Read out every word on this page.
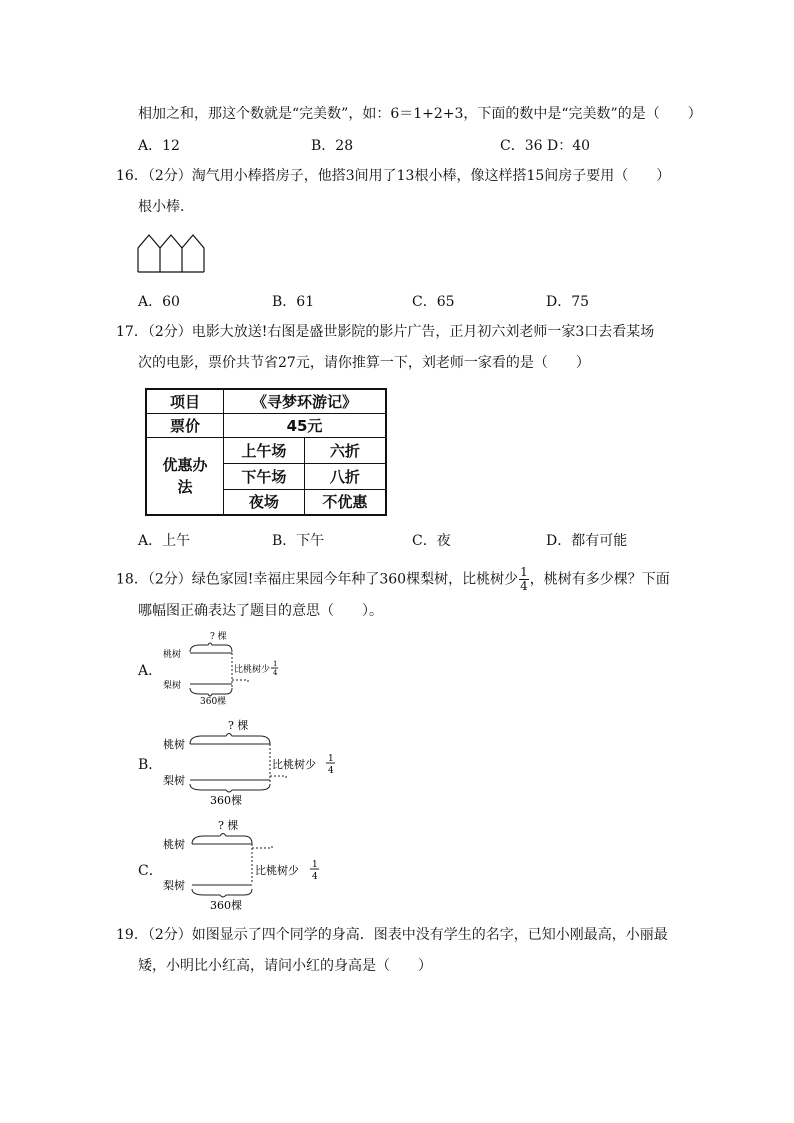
相加之和，那这个数就是“完美数”，如：6＝1+2+3，下面的数中是“完美数”的是（　　）
A．12	B．28	C．36 D：40
16．（2分）淘气用小棒搭房子，他搭3间用了13根小棒，像这样搭15间房子要用（　　）
根小棒．
A．60	B．61	C．65	D．75
17．（2分）电影大放送!右图是盛世影院的影片广告，正月初六刘老师一家3口去看某场
次的电影，票价共节省27元，请你推算一下，刘老师一家看的是（　　）
项目	《寻梦环游记》	
票价	45元	
优惠办法	上午场	六折
	下午场	八折
	夜场	不优惠
A．上午	B．下午	C．夜	D．都有可能
18．（2分）绿色家园!幸福庄果园今年种了360棵梨树，比桃树少 $\frac{1}{4}$ ，桃树有多少棵？下面
哪幅图正确表达了题目的意思（　　）。
A．
? 棵
桃树
比桃树少
1
4
梨树
360棵
B．
? 棵
桃树
比桃树少 1
4
梨树
360棵
C．
? 棵
桃树
比桃树少 1
4
梨树
360棵
19．（2分）如图显示了四个同学的身高．图表中没有学生的名字，已知小刚最高，小丽最
矮，小明比小红高，请问小红的身高是（　　）
